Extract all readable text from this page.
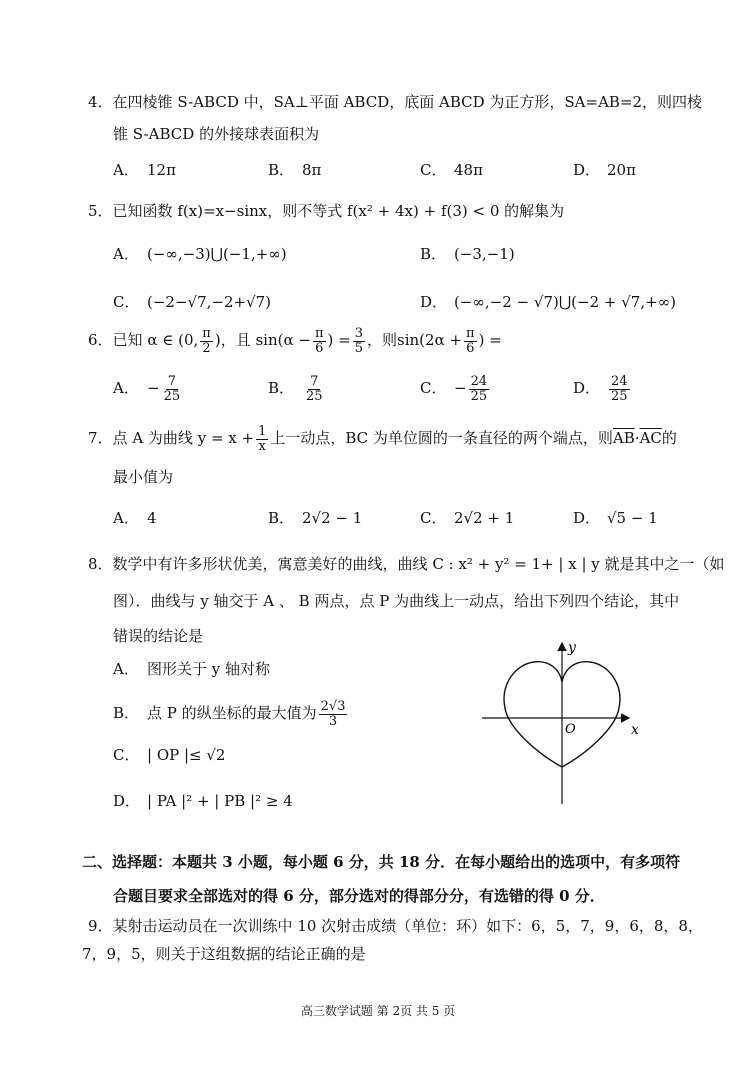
4．在四棱锥 S-ABCD 中，SA⊥平面 ABCD，底面 ABCD 为正方形，SA=AB=2，则四棱
锥 S-ABCD 的外接球表面积为
A． 12π	B． 8π	C． 48π	D． 20π
5．已知函数 f(x)=x−sinx，则不等式 f(x² + 4x) + f(3) < 0 的解集为
A． (−∞,−3)⋃(−1,+∞)	B． (−3,−1)
C． (−2−√7,−2+√7)	D． (−∞,−2 − √7)⋃(−2 + √7,+∞)
6．已知 α ∈ (0, $\frac{\pi}{2}$ )，且 $\sin(\alpha - \frac{\pi}{6}$ ) = $\frac{3}{5}$ ，则$\sin(2\alpha + \frac{\pi}{6}$ ) =
A． − $\frac{7}{25}$	B． $\frac{7}{25}$	C． − $\frac{24}{25}$	D． $\frac{24}{25}$
7．点 A 为曲线 $y = x + \frac{1}{x}$ 上一动点，BC 为单位圆的一条直径的两个端点，则$\overline{AB}\cdot\overline{AC}$的
最小值为
A． 4	B． 2√2 − 1	C． 2√2 + 1	D． √5 − 1
8．数学中有许多形状优美，寓意美好的曲线，曲线 C : x² + y² = 1+ | x | y 就是其中之一（如
图）．曲线与 y 轴交于 A 、 B 两点，点 P 为曲线上一动点，给出下列四个结论，其中
错误的结论是
A． 图形关于 y 轴对称
B． 点 P 的纵坐标的最大值为 $\frac{2√3}{3}$
C． | OP |≤ √2
D． | PA |² + | PB |² ≥ 4
y
x
O
二、选择题：本题共 3 小题，每小题 6 分，共 18 分．在每小题给出的选项中，有多项符
合题目要求全部选对的得 6 分，部分选对的得部分分，有选错的得 0 分．
9．某射击运动员在一次训练中 10 次射击成绩（单位：环）如下：6，5，7，9，6，8，8，
7，9，5，则关于这组数据的结论正确的是
高三数学试题 第 2页 共 5 页
